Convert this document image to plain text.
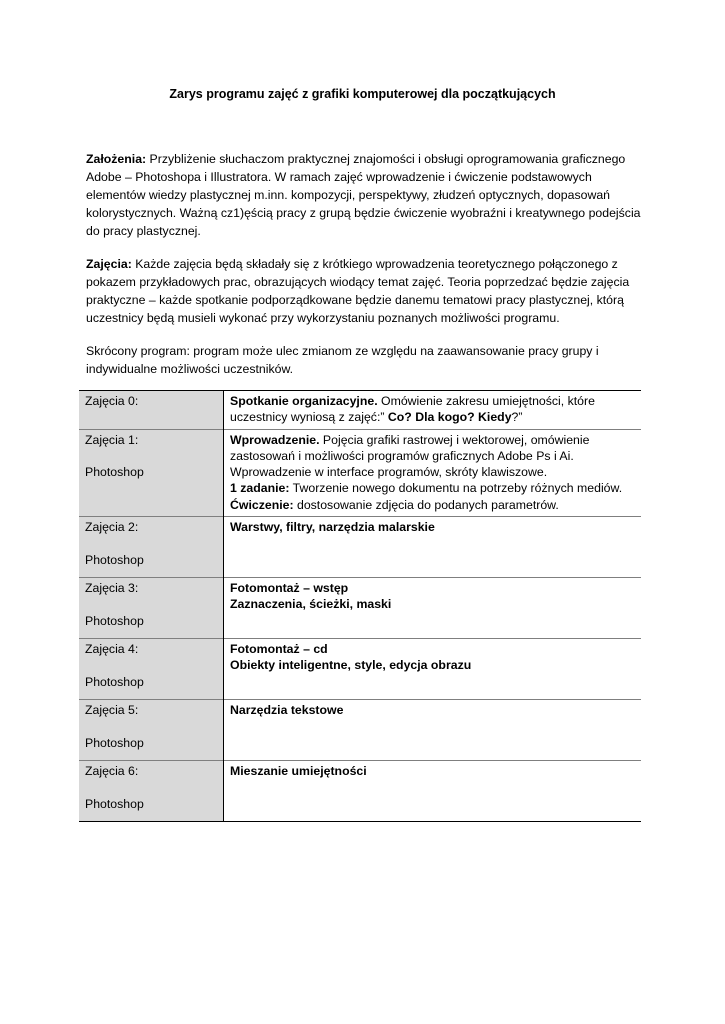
Zarys programu zajęć z grafiki komputerowej dla początkujących

Założenia: Przybliżenie słuchaczom praktycznej znajomości i obsługi oprogramowania graficznego Adobe – Photoshopa i Illustratora. W ramach zajęć wprowadzenie i ćwiczenie podstawowych elementów wiedzy plastycznej m.inn. kompozycji, perspektywy, złudzeń optycznych, dopasowań kolorystycznych. Ważną cz1)ęścią pracy z grupą będzie ćwiczenie wyobraźni i kreatywnego podejścia do pracy plastycznej.

Zajęcia: Każde zajęcia będą składały się z krótkiego wprowadzenia teoretycznego połączonego z pokazem przykładowych prac, obrazujących wiodący temat zajęć. Teoria poprzedzać będzie zajęcia praktyczne – każde spotkanie podporządkowane będzie danemu tematowi pracy plastycznej, którą uczestnicy będą musieli wykonać przy wykorzystaniu poznanych możliwości programu.

Skrócony program: program może ulec zmianom ze względu na zaawansowanie pracy grupy i indywidualne możliwości uczestników.

Zajęcia 0:	Spotkanie organizacyjne. Omówienie zakresu umiejętności, które uczestnicy wyniosą z zajęć:” Co? Dla kogo? Kiedy?”

Zajęcia 1:
Photoshop	Wprowadzenie. Pojęcia grafiki rastrowej i wektorowej, omówienie zastosowań i możliwości programów graficznych Adobe Ps i Ai. Wprowadzenie w interface programów, skróty klawiszowe.
1 zadanie: Tworzenie nowego dokumentu na potrzeby różnych mediów.
Ćwiczenie: dostosowanie zdjęcia do podanych parametrów.

Zajęcia 2:
Photoshop	Warstwy, filtry, narzędzia malarskie

Zajęcia 3:
Photoshop	Fotomontaż – wstęp
Zaznaczenia, ścieżki, maski

Zajęcia 4:
Photoshop	Fotomontaż – cd
Obiekty inteligentne, style, edycja obrazu

Zajęcia 5:
Photoshop	Narzędzia tekstowe

Zajęcia 6:
Photoshop	Mieszanie umiejętności
